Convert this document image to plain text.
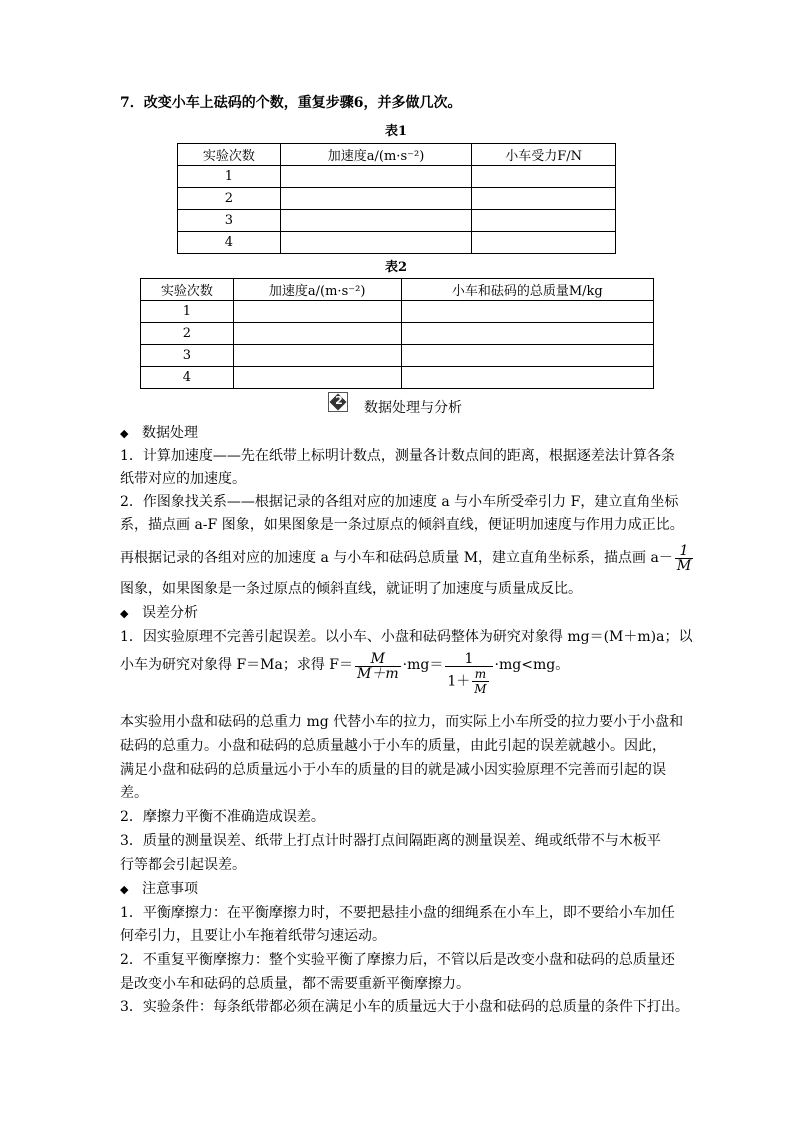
7．改变小车上砝码的个数，重复步骤6，并多做几次。
表1
实验次数	加速度a/(m·s⁻²)	小车受力F/N
1		
2		
3		
4		
表2
实验次数	加速度a/(m·s⁻²)	小车和砝码的总质量M/kg
1		
2		
3		
4		
2	数据处理与分析
◆ 数据处理
1．计算加速度——先在纸带上标明计数点，测量各计数点间的距离，根据逐差法计算各条
纸带对应的加速度。
2．作图象找关系——根据记录的各组对应的加速度 a 与小车所受牵引力 F，建立直角坐标
系，描点画 a-F 图象，如果图象是一条过原点的倾斜直线，便证明加速度与作用力成正比。
再根据记录的各组对应的加速度 a 与小车和砝码总质量 M，建立直角坐标系，描点画 $a- \frac{1}{M}$
图象，如果图象是一条过原点的倾斜直线，就证明了加速度与质量成反比。
◆ 误差分析
1．因实验原理不完善引起误差。以小车、小盘和砝码整体为研究对象得 mg＝(M＋m)a；以
小车为研究对象得 F＝Ma；求得 $F= \frac{M}{M+m} \cdot mg= \frac{1}{1+ \frac{m}{M}} \cdot mg<mg$。
本实验用小盘和砝码的总重力 mg 代替小车的拉力，而实际上小车所受的拉力要小于小盘和
砝码的总重力。小盘和砝码的总质量越小于小车的质量，由此引起的误差就越小。因此，
满足小盘和砝码的总质量远小于小车的质量的目的就是减小因实验原理不完善而引起的误
差。
2．摩擦力平衡不准确造成误差。
3．质量的测量误差、纸带上打点计时器打点间隔距离的测量误差、绳或纸带不与木板平
行等都会引起误差。
◆ 注意事项
1．平衡摩擦力：在平衡摩擦力时，不要把悬挂小盘的细绳系在小车上，即不要给小车加任
何牵引力，且要让小车拖着纸带匀速运动。
2．不重复平衡摩擦力：整个实验平衡了摩擦力后，不管以后是改变小盘和砝码的总质量还
是改变小车和砝码的总质量，都不需要重新平衡摩擦力。
3．实验条件：每条纸带都必须在满足小车的质量远大于小盘和砝码的总质量的条件下打出。
